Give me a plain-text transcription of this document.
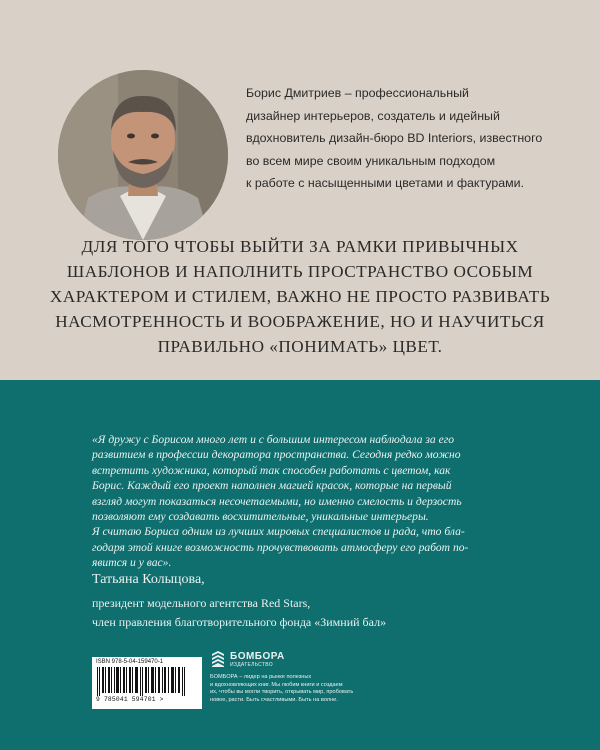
Борис Дмитриев – профессиональный
дизайнер интерьеров, создатель и идейный
вдохновитель дизайн-бюро BD Interiors, известного
во всем мире своим уникальным подходом
к работе с насыщенными цветами и фактурами.
ДЛЯ ТОГО ЧТОБЫ ВЫЙТИ ЗА РАМКИ ПРИВЫЧНЫХ
ШАБЛОНОВ И НАПОЛНИТЬ ПРОСТРАНСТВО ОСОБЫМ
ХАРАКТЕРОМ И СТИЛЕМ, ВАЖНО НЕ ПРОСТО РАЗВИВАТЬ
НАСМОТРЕННОСТЬ И ВООБРАЖЕНИЕ, НО И НАУЧИТЬСЯ
ПРАВИЛЬНО «ПОНИМАТЬ» ЦВЕТ.
«Я дружу с Борисом много лет и с большим интересом наблюдала за его
развитием в профессии декоратора пространства. Сегодня редко можно
встретить художника, который так способен работать с цветом, как
Борис. Каждый его проект наполнен магией красок, которые на первый
взгляд могут показаться несочетаемыми, но именно смелость и дерзость
позволяют ему создавать восхитительные, уникальные интерьеры.
Я считаю Бориса одним из лучших мировых специалистов и рада, что бла-
годаря этой книге возможность прочувствовать атмосферу его работ по-
явится и у вас».
Татьяна Колыцова,
президент модельного агентства Red Stars,
член правления благотворительного фонда «Зимний бал»
ISBN 978-5-04-159470-1
9 785041 594701 >
БОМБОРА
ИЗДАТЕЛЬСТВО
БОМБОРА – лидер на рынке полезных
и вдохновляющих книг. Мы любим книги и создаем
их, чтобы вы могли творить, открывать мир, пробовать
новое, расти. Быть счастливыми. Быть на волне.
